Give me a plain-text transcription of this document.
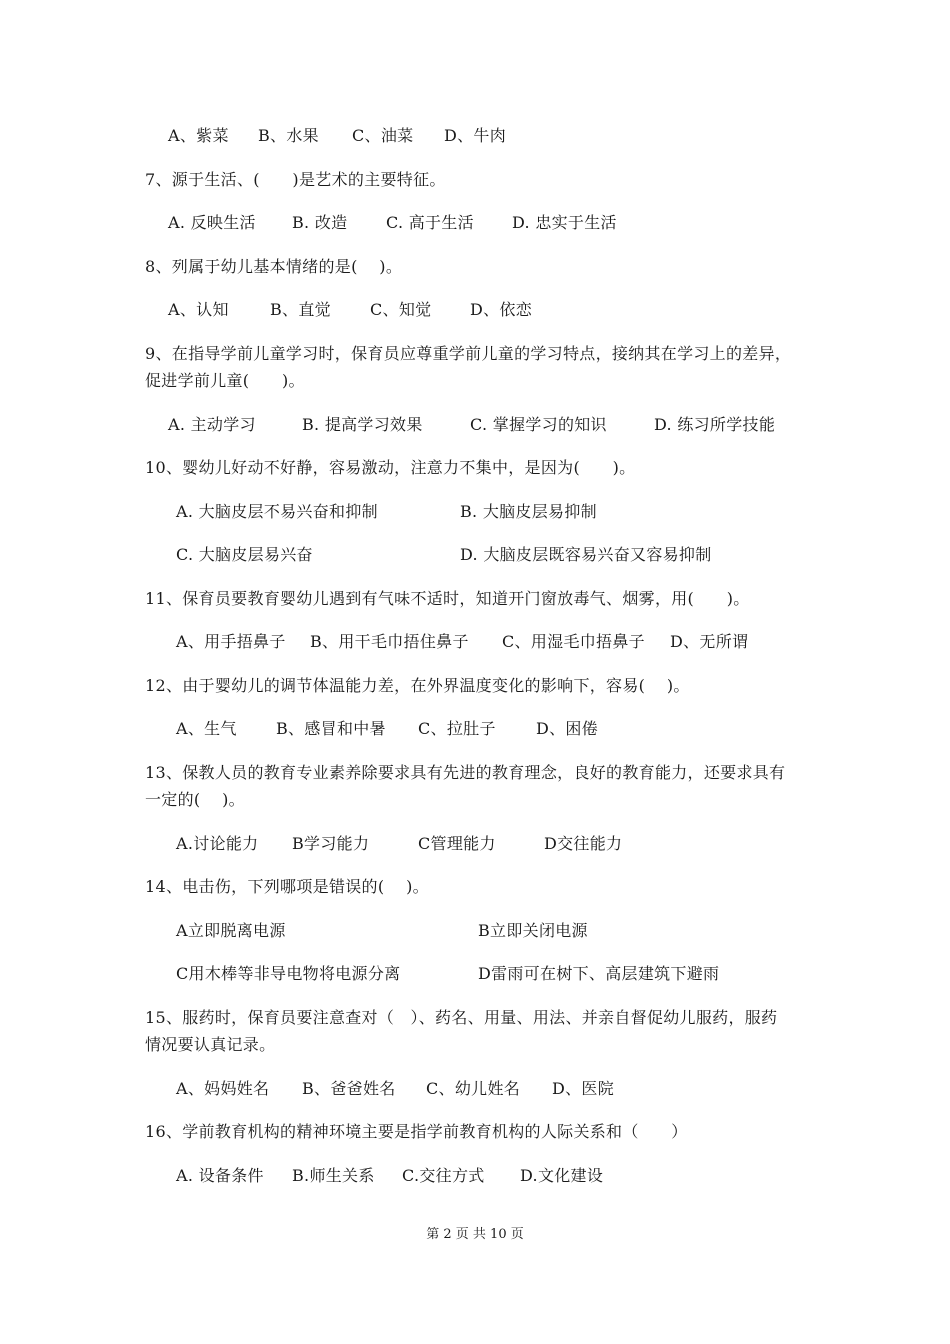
A、紫菜 B、水果 C、油菜 D、牛肉
7、源于生活、(　　)是艺术的主要特征。
A. 反映生活 B. 改造 C. 高于生活 D. 忠实于生活
8、列属于幼儿基本情绪的是(　 )。
A、认知	B、直觉 C、知觉 D、依恋
9、在指导学前儿童学习时，保育员应尊重学前儿童的学习特点，接纳其在学习上的差异，
促进学前儿童(　　)。
A. 主动学习	B. 提高学习效果	C. 掌握学习的知识	D. 练习所学技能
10、婴幼儿好动不好静，容易激动，注意力不集中，是因为(　　)。
A. 大脑皮层不易兴奋和抑制	B. 大脑皮层易抑制
C. 大脑皮层易兴奋	D. 大脑皮层既容易兴奋又容易抑制
11、保育员要教育婴幼儿遇到有气味不适时，知道开门窗放毒气、烟雾，用(　　)。
A、用手捂鼻子 B、用干毛巾捂住鼻子 C、用湿毛巾捂鼻子 D、无所谓
12、由于婴幼儿的调节体温能力差，在外界温度变化的影响下，容易(　 )。
A、生气 B、感冒和中暑 C、拉肚子	D、困倦
13、保教人员的教育专业素养除要求具有先进的教育理念，良好的教育能力，还要求具有
一定的(　 )。
A.讨论能力 B学习能力	C管理能力	D交往能力
14、电击伤，下列哪项是错误的(　 )。
A立即脱离电源	B立即关闭电源
C用木棒等非导电物将电源分离	D雷雨可在树下、高层建筑下避雨
15、服药时，保育员要注意查对（　）、药名、用量、用法、并亲自督促幼儿服药，服药
情况要认真记录。
A、妈妈姓名 B、爸爸姓名 C、幼儿姓名 D、医院
16、学前教育机构的精神环境主要是指学前教育机构的人际关系和（　　）
A. 设备条件 B.师生关系 C.交往方式 D.文化建设
第 2 页 共 10 页
